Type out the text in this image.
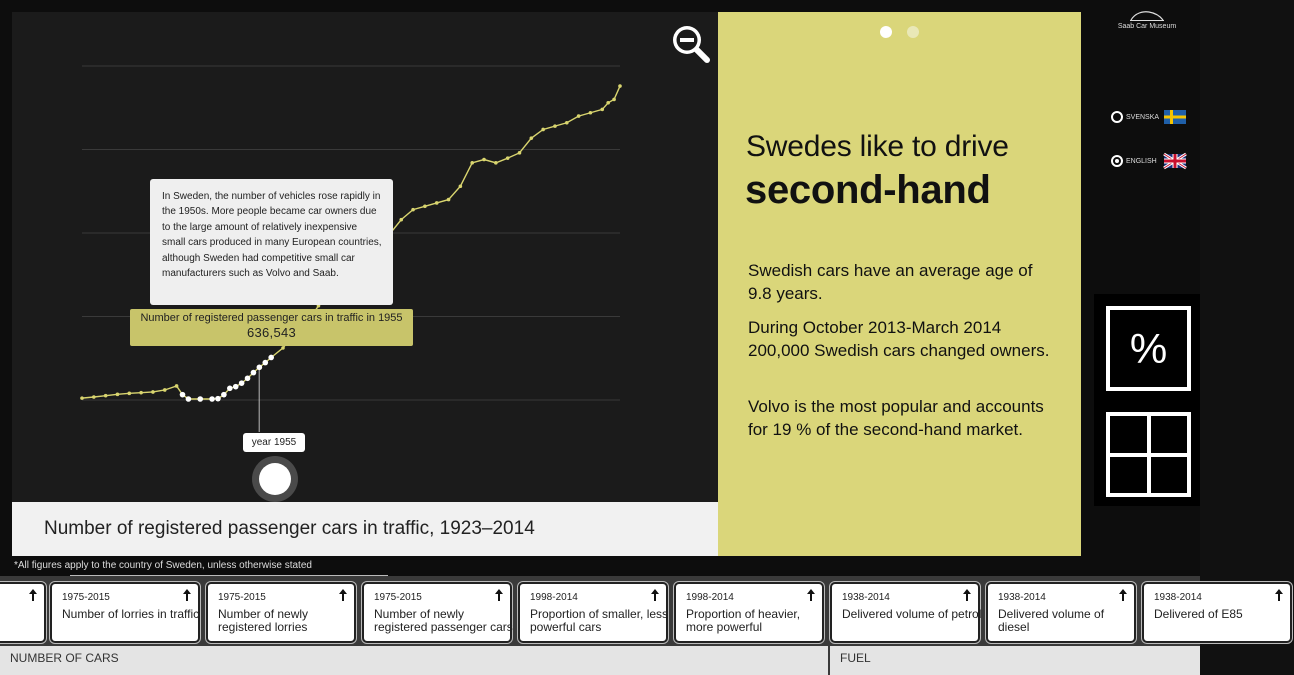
In Sweden, the number of vehicles rose rapidly in the 1950s. More people became car owners due to the large amount of relatively inexpensive small cars produced in many European countries, although Sweden had competitive small car manufacturers such as Volvo and Saab.
Number of registered passenger cars in traffic in 1955
636,543
year 1955
Number of registered passenger cars in traffic, 1923–2014
Swedes like to drive
second-hand
Swedish cars have an average age of 9.8 years.
During October 2013-March 2014 200,000 Swedish cars changed owners.
Volvo is the most popular and accounts for 19 % of the second-hand market.
Saab Car Museum
SVENSKA
ENGLISH
%
*All figures apply to the country of Sweden, unless otherwise stated
1975-2015
Number of lorries in traffic
1975-2015
Number of newly registered lorries
1975-2015
Number of newly registered passenger cars
1998-2014
Proportion of smaller, less powerful cars
1998-2014
Proportion of heavier, more powerful
1938-2014
Delivered volume of petrol
1938-2014
Delivered volume of diesel
1938-2014
Delivered of E85
NUMBER OF CARS	FUEL
